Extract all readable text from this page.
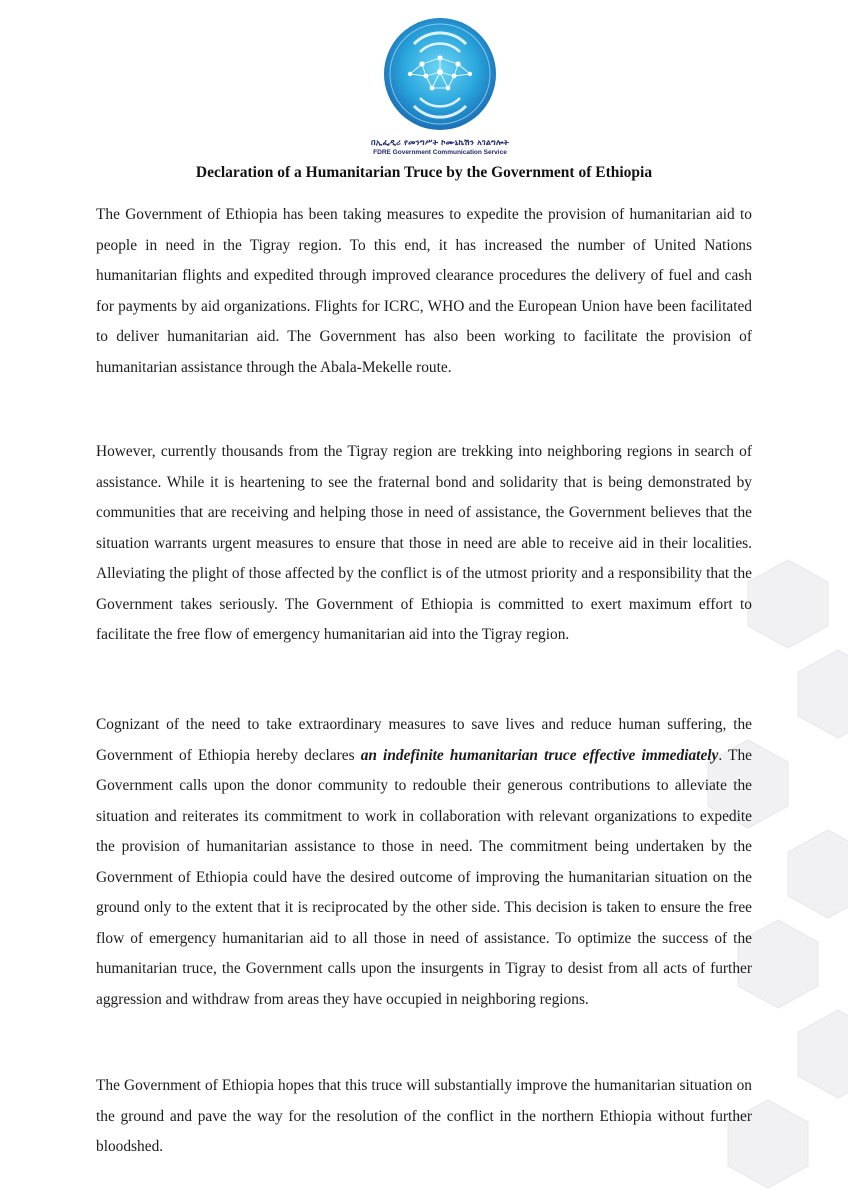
በኢፌዲሪ የመንግሥት ኮሙኒኬሽን አገልግሎት
FDRE Government Communication Service
Declaration of a Humanitarian Truce by the Government of Ethiopia

The Government of Ethiopia has been taking measures to expedite the provision of humanitarian aid to people in need in the Tigray region. To this end, it has increased the number of United Nations humanitarian flights and expedited through improved clearance procedures the delivery of fuel and cash for payments by aid organizations. Flights for ICRC, WHO and the European Union have been facilitated to deliver humanitarian aid. The Government has also been working to facilitate the provision of humanitarian assistance through the Abala-Mekelle route.

However, currently thousands from the Tigray region are trekking into neighboring regions in search of assistance. While it is heartening to see the fraternal bond and solidarity that is being demonstrated by communities that are receiving and helping those in need of assistance, the Government believes that the situation warrants urgent measures to ensure that those in need are able to receive aid in their localities. Alleviating the plight of those affected by the conflict is of the utmost priority and a responsibility that the Government takes seriously. The Government of Ethiopia is committed to exert maximum effort to facilitate the free flow of emergency humanitarian aid into the Tigray region.

Cognizant of the need to take extraordinary measures to save lives and reduce human suffering, the Government of Ethiopia hereby declares an indefinite humanitarian truce effective immediately. The Government calls upon the donor community to redouble their generous contributions to alleviate the situation and reiterates its commitment to work in collaboration with relevant organizations to expedite the provision of humanitarian assistance to those in need. The commitment being undertaken by the Government of Ethiopia could have the desired outcome of improving the humanitarian situation on the ground only to the extent that it is reciprocated by the other side. This decision is taken to ensure the free flow of emergency humanitarian aid to all those in need of assistance. To optimize the success of the humanitarian truce, the Government calls upon the insurgents in Tigray to desist from all acts of further aggression and withdraw from areas they have occupied in neighboring regions.

The Government of Ethiopia hopes that this truce will substantially improve the humanitarian situation on the ground and pave the way for the resolution of the conflict in the northern Ethiopia without further bloodshed.
